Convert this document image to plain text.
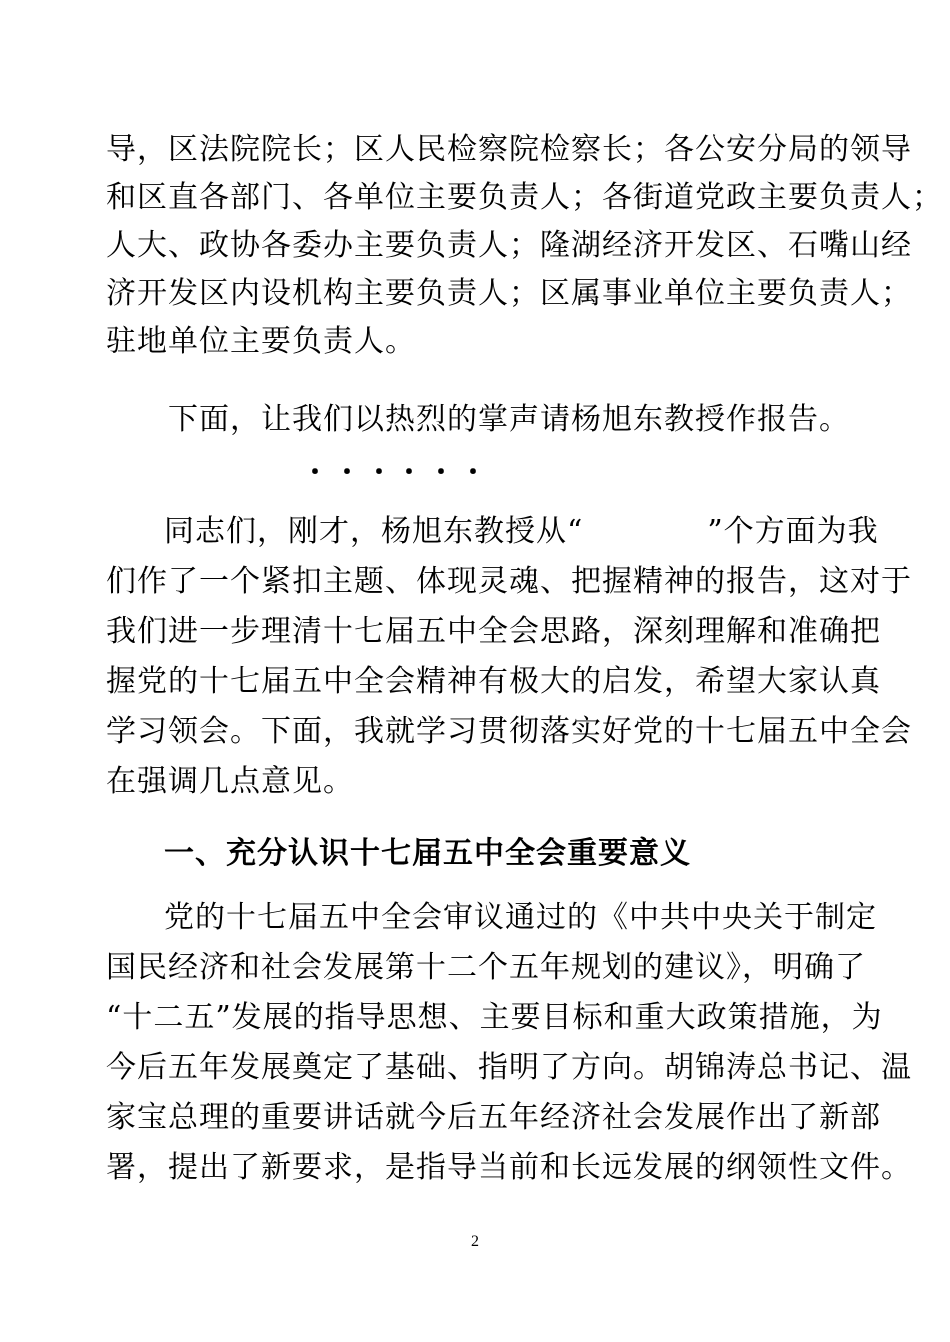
导，区法院院长；区人民检察院检察长；各公安分局的领导
和区直各部门、各单位主要负责人；各街道党政主要负责人；
人大、政协各委办主要负责人；隆湖经济开发区、石嘴山经
济开发区内设机构主要负责人；区属事业单位主要负责人；
驻地单位主要负责人。
下面，让我们以热烈的掌声请杨旭东教授作报告。
・・・
・・・
同志们，刚才，杨旭东教授从“　　　　”个方面为我
们作了一个紧扣主题、体现灵魂、把握精神的报告，这对于
我们进一步理清十七届五中全会思路，深刻理解和准确把
握党的十七届五中全会精神有极大的启发，希望大家认真
学习领会。下面，我就学习贯彻落实好党的十七届五中全会
在强调几点意见。
一、充分认识十七届五中全会重要意义
党的十七届五中全会审议通过的《中共中央关于制定
国民经济和社会发展第十二个五年规划的建议》，明确了
“十二五”发展的指导思想、主要目标和重大政策措施，为
今后五年发展奠定了基础、指明了方向。胡锦涛总书记、温
家宝总理的重要讲话就今后五年经济社会发展作出了新部
署，提出了新要求，是指导当前和长远发展的纲领性文件。
2
